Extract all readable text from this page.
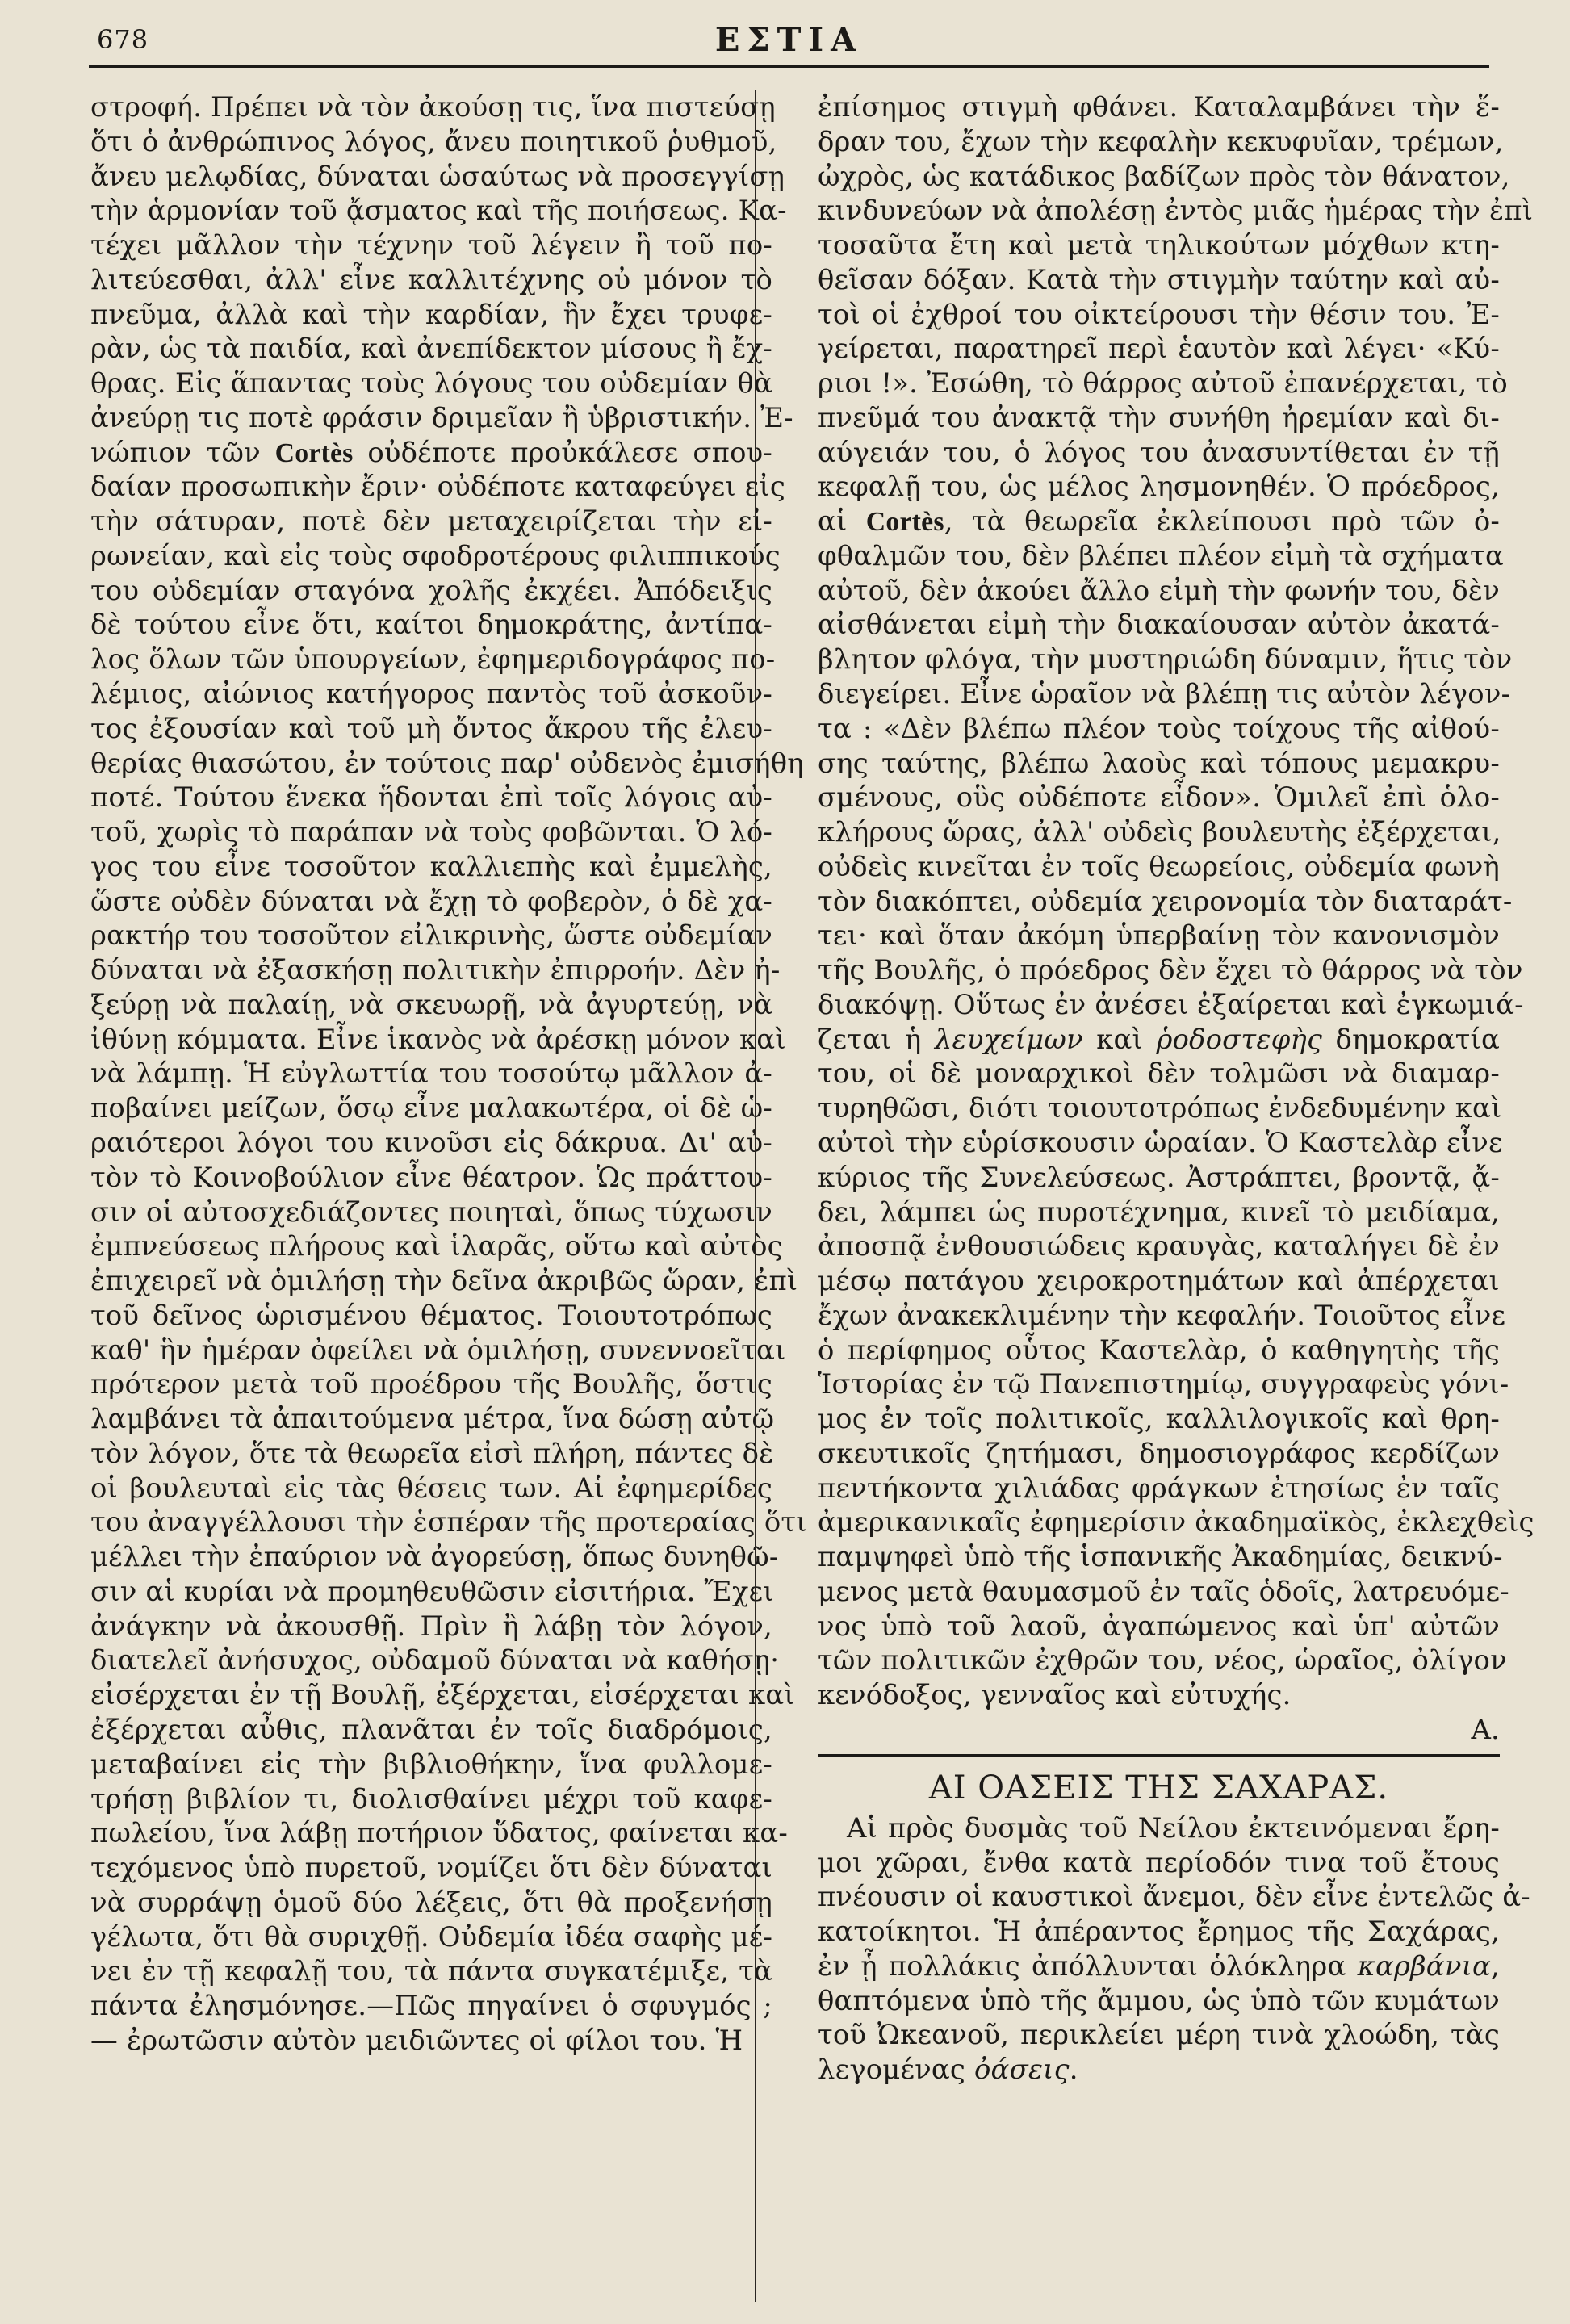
678	ΕΣΤΙΑ
στροφή. Πρέπει νὰ τὸν ἀκούσῃ τις, ἵνα πιστεύσῃ
ὅτι ὁ ἀνθρώπινος λόγος, ἄνευ ποιητικοῦ ῥυθμοῦ,
ἄνευ μελῳδίας, δύναται ὡσαύτως νὰ προσεγγίσῃ
τὴν ἁρμονίαν τοῦ ᾄσματος καὶ τῆς ποιήσεως. Κα-
τέχει μᾶλλον τὴν τέχνην τοῦ λέγειν ἢ τοῦ πο-
λιτεύεσθαι, ἀλλ' εἶνε καλλιτέχνης οὐ μόνον τὸ
πνεῦμα, ἀλλὰ καὶ τὴν καρδίαν, ἣν ἔχει τρυφε-
ρὰν, ὡς τὰ παιδία, καὶ ἀνεπίδεκτον μίσους ἢ ἔχ-
θρας. Εἰς ἅπαντας τοὺς λόγους του οὐδεμίαν θὰ
ἀνεύρῃ τις ποτὲ φράσιν δριμεῖαν ἢ ὑβριστικήν. Ἐ-
νώπιον τῶν Cortès οὐδέποτε προὐκάλεσε σπου-
δαίαν προσωπικὴν ἔριν· οὐδέποτε καταφεύγει εἰς
τὴν σάτυραν, ποτὲ δὲν μεταχειρίζεται τὴν εἰ-
ρωνείαν, καὶ εἰς τοὺς σφοδροτέρους φιλιππικούς
του οὐδεμίαν σταγόνα χολῆς ἐκχέει. Ἀπόδειξις
δὲ τούτου εἶνε ὅτι, καίτοι δημοκράτης, ἀντίπα-
λος ὅλων τῶν ὑπουργείων, ἐφημεριδογράφος πο-
λέμιος, αἰώνιος κατήγορος παντὸς τοῦ ἀσκοῦν-
τος ἐξουσίαν καὶ τοῦ μὴ ὄντος ἄκρου τῆς ἐλευ-
θερίας θιασώτου, ἐν τούτοις παρ' οὐδενὸς ἐμισήθη
ποτέ. Τούτου ἕνεκα ἥδονται ἐπὶ τοῖς λόγοις αὐ-
τοῦ, χωρὶς τὸ παράπαν νὰ τοὺς φοβῶνται. Ὁ λό-
γος του εἶνε τοσοῦτον καλλιεπὴς καὶ ἐμμελὴς,
ὥστε οὐδὲν δύναται νὰ ἔχῃ τὸ φοβερὸν, ὁ δὲ χα-
ρακτήρ του τοσοῦτον εἰλικρινὴς, ὥστε οὐδεμίαν
δύναται νὰ ἐξασκήσῃ πολιτικὴν ἐπιρροήν. Δὲν ἠ-
ξεύρῃ νὰ παλαίῃ, νὰ σκευωρῇ, νὰ ἀγυρτεύῃ, νὰ
ἰθύνῃ κόμματα. Εἶνε ἱκανὸς νὰ ἀρέσκῃ μόνον καὶ
νὰ λάμπῃ. Ἡ εὐγλωττία του τοσούτῳ μᾶλλον ἀ-
ποβαίνει μείζων, ὅσῳ εἶνε μαλακωτέρα, οἱ δὲ ὡ-
ραιότεροι λόγοι του κινοῦσι εἰς δάκρυα. Δι' αὐ-
τὸν τὸ Κοινοβούλιον εἶνε θέατρον. Ὡς πράττου-
σιν οἱ αὐτοσχεδιάζοντες ποιηταὶ, ὅπως τύχωσιν
ἐμπνεύσεως πλήρους καὶ ἱλαρᾶς, οὕτω καὶ αὐτὸς
ἐπιχειρεῖ νὰ ὁμιλήσῃ τὴν δεῖνα ἀκριβῶς ὥραν, ἐπὶ
τοῦ δεῖνος ὡρισμένου θέματος. Τοιουτοτρόπως
καθ' ἣν ἡμέραν ὀφείλει νὰ ὁμιλήσῃ, συνεννοεῖται
πρότερον μετὰ τοῦ προέδρου τῆς Βουλῆς, ὅστις
λαμβάνει τὰ ἀπαιτούμενα μέτρα, ἵνα δώσῃ αὐτῷ
τὸν λόγον, ὅτε τὰ θεωρεῖα εἰσὶ πλήρη, πάντες δὲ
οἱ βουλευταὶ εἰς τὰς θέσεις των. Αἱ ἐφημερίδες
του ἀναγγέλλουσι τὴν ἑσπέραν τῆς προτεραίας ὅτι
μέλλει τὴν ἐπαύριον νὰ ἀγορεύσῃ, ὅπως δυνηθῶ-
σιν αἱ κυρίαι νὰ προμηθευθῶσιν εἰσιτήρια. Ἔχει
ἀνάγκην νὰ ἀκουσθῇ. Πρὶν ἢ λάβῃ τὸν λόγον,
διατελεῖ ἀνήσυχος, οὐδαμοῦ δύναται νὰ καθήσῃ·
εἰσέρχεται ἐν τῇ Βουλῇ, ἐξέρχεται, εἰσέρχεται καὶ
ἐξέρχεται αὖθις, πλανᾶται ἐν τοῖς διαδρόμοις,
μεταβαίνει εἰς τὴν βιβλιοθήκην, ἵνα φυλλομε-
τρήσῃ βιβλίον τι, διολισθαίνει μέχρι τοῦ καφε-
πωλείου, ἵνα λάβῃ ποτήριον ὕδατος, φαίνεται κα-
τεχόμενος ὑπὸ πυρετοῦ, νομίζει ὅτι δὲν δύναται
νὰ συρράψῃ ὁμοῦ δύο λέξεις, ὅτι θὰ προξενήσῃ
γέλωτα, ὅτι θὰ συριχθῇ. Οὐδεμία ἰδέα σαφὴς μέ-
νει ἐν τῇ κεφαλῇ του, τὰ πάντα συγκατέμιξε, τὰ
πάντα ἐλησμόνησε.—Πῶς πηγαίνει ὁ σφυγμός ;
— ἐρωτῶσιν αὐτὸν μειδιῶντες οἱ φίλοι του. Ἡ
ἐπίσημος στιγμὴ φθάνει. Καταλαμβάνει τὴν ἕ-
δραν του, ἔχων τὴν κεφαλὴν κεκυφυῖαν, τρέμων,
ὠχρὸς, ὡς κατάδικος βαδίζων πρὸς τὸν θάνατον,
κινδυνεύων νὰ ἀπολέσῃ ἐντὸς μιᾶς ἡμέρας τὴν ἐπὶ
τοσαῦτα ἔτη καὶ μετὰ τηλικούτων μόχθων κτη-
θεῖσαν δόξαν. Κατὰ τὴν στιγμὴν ταύτην καὶ αὐ-
τοὶ οἱ ἐχθροί του οἰκτείρουσι τὴν θέσιν του. Ἐ-
γείρεται, παρατηρεῖ περὶ ἑαυτὸν καὶ λέγει· «Κύ-
ριοι !». Ἐσώθη, τὸ θάρρος αὐτοῦ ἐπανέρχεται, τὸ
πνεῦμά του ἀνακτᾷ τὴν συνήθη ἠρεμίαν καὶ δι-
αύγειάν του, ὁ λόγος του ἀνασυντίθεται ἐν τῇ
κεφαλῇ του, ὡς μέλος λησμονηθέν. Ὁ πρόεδρος,
αἱ Cortès, τὰ θεωρεῖα ἐκλείπουσι πρὸ τῶν ὀ-
φθαλμῶν του, δὲν βλέπει πλέον εἰμὴ τὰ σχήματα
αὐτοῦ, δὲν ἀκούει ἄλλο εἰμὴ τὴν φωνήν του, δὲν
αἰσθάνεται εἰμὴ τὴν διακαίουσαν αὐτὸν ἀκατά-
βλητον φλόγα, τὴν μυστηριώδη δύναμιν, ἥτις τὸν
διεγείρει. Εἶνε ὡραῖον νὰ βλέπῃ τις αὐτὸν λέγον-
τα : «Δὲν βλέπω πλέον τοὺς τοίχους τῆς αἰθού-
σης ταύτης, βλέπω λαοὺς καὶ τόπους μεμακρυ-
σμένους, οὓς οὐδέποτε εἶδον». Ὁμιλεῖ ἐπὶ ὁλο-
κλήρους ὥρας, ἀλλ' οὐδεὶς βουλευτὴς ἐξέρχεται,
οὐδεὶς κινεῖται ἐν τοῖς θεωρείοις, οὐδεμία φωνὴ
τὸν διακόπτει, οὐδεμία χειρονομία τὸν διαταράτ-
τει· καὶ ὅταν ἀκόμη ὑπερβαίνῃ τὸν κανονισμὸν
τῆς Βουλῆς, ὁ πρόεδρος δὲν ἔχει τὸ θάρρος νὰ τὸν
διακόψῃ. Οὕτως ἐν ἀνέσει ἐξαίρεται καὶ ἐγκωμιά-
ζεται ἡ λευχείμων καὶ ῥοδοστεφὴς δημοκρατία
του, οἱ δὲ μοναρχικοὶ δὲν τολμῶσι νὰ διαμαρ-
τυρηθῶσι, διότι τοιουτοτρόπως ἐνδεδυμένην καὶ
αὐτοὶ τὴν εὑρίσκουσιν ὡραίαν. Ὁ Καστελὰρ εἶνε
κύριος τῆς Συνελεύσεως. Ἀστράπτει, βροντᾷ, ᾄ-
δει, λάμπει ὡς πυροτέχνημα, κινεῖ τὸ μειδίαμα,
ἀποσπᾷ ἐνθουσιώδεις κραυγὰς, καταλήγει δὲ ἐν
μέσῳ πατάγου χειροκροτημάτων καὶ ἀπέρχεται
ἔχων ἀνακεκλιμένην τὴν κεφαλήν. Τοιοῦτος εἶνε
ὁ περίφημος οὗτος Καστελὰρ, ὁ καθηγητὴς τῆς
Ἱστορίας ἐν τῷ Πανεπιστημίῳ, συγγραφεὺς γόνι-
μος ἐν τοῖς πολιτικοῖς, καλλιλογικοῖς καὶ θρη-
σκευτικοῖς ζητήμασι, δημοσιογράφος κερδίζων
πεντήκοντα χιλιάδας φράγκων ἐτησίως ἐν ταῖς
ἀμερικανικαῖς ἐφημερίσιν ἀκαδημαϊκὸς, ἐκλεχθεὶς
παμψηφεὶ ὑπὸ τῆς ἱσπανικῆς Ἀκαδημίας, δεικνύ-
μενος μετὰ θαυμασμοῦ ἐν ταῖς ὁδοῖς, λατρευόμε-
νος ὑπὸ τοῦ λαοῦ, ἀγαπώμενος καὶ ὑπ' αὐτῶν
τῶν πολιτικῶν ἐχθρῶν του, νέος, ὡραῖος, ὀλίγον
κενόδοξος, γενναῖος καὶ εὐτυχής.
Α.
ΑΙ ΟΑΣΕΙΣ ΤΗΣ ΣΑΧΑΡΑΣ.
Αἱ πρὸς δυσμὰς τοῦ Νείλου ἐκτεινόμεναι ἔρη-
μοι χῶραι, ἔνθα κατὰ περίοδόν τινα τοῦ ἔτους
πνέουσιν οἱ καυστικοὶ ἄνεμοι, δὲν εἶνε ἐντελῶς ἀ-
κατοίκητοι. Ἡ ἀπέραντος ἔρημος τῆς Σαχάρας,
ἐν ᾗ πολλάκις ἀπόλλυνται ὁλόκληρα καρβάνια,
θαπτόμενα ὑπὸ τῆς ἄμμου, ὡς ὑπὸ τῶν κυμάτων
τοῦ Ὠκεανοῦ, περικλείει μέρη τινὰ χλοώδη, τὰς
λεγομένας ὀάσεις.
